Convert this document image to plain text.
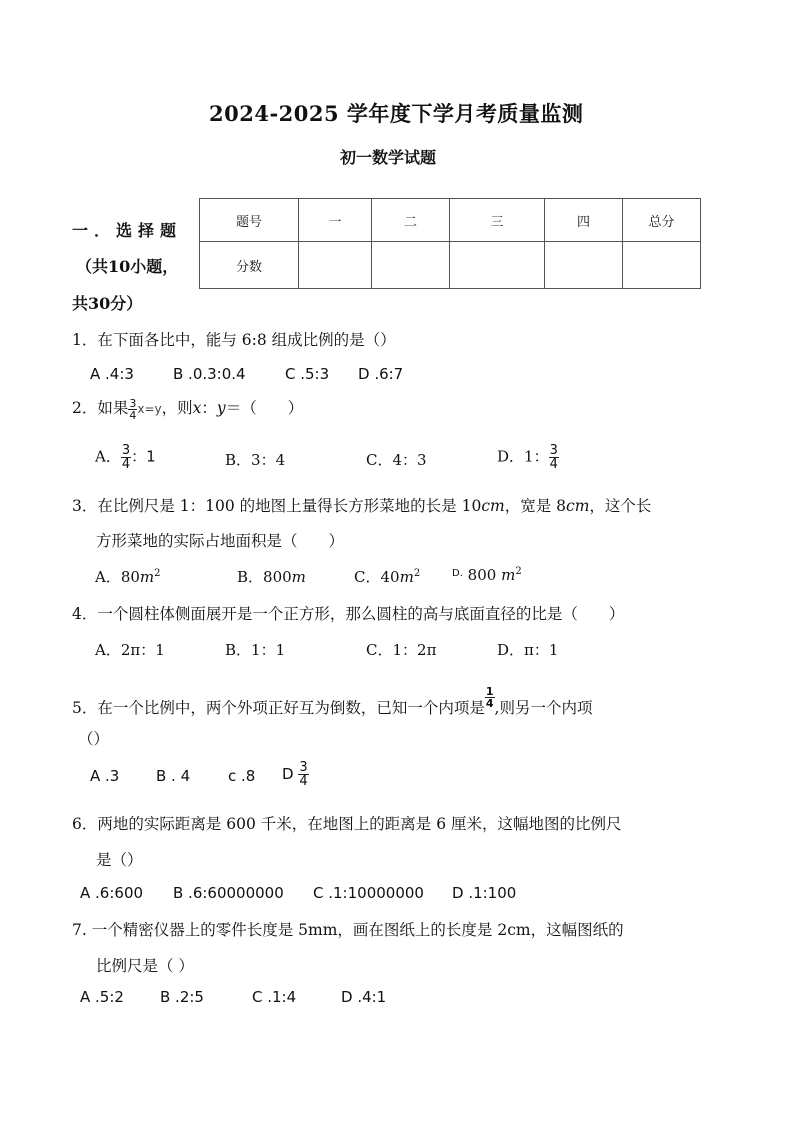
2024-2025 学年度下学月考质量监测
初一数学试题
一．选择题
（共10小题，
共30分）
题号	一	二	三	四	总分
分数					
1．在下面各比中，能与 6:8 组成比例的是（）
A .4:3	B .0.3:0.4	C .5:3 D .6:7
2．如果 $\frac{3}{4} x=y$，则x：y＝（　　）
A． $\frac{3}{4}$ ：1	B．3：4	C．4：3	D．1： $\frac{3}{4}$
3．在比例尺是 1：100 的地图上量得长方形菜地的长是 10cm，宽是 8cm，这个长
方形菜地的实际占地面积是（　　）
A．$80m^2$	B．800m	C．$40m^2$	$^{D.}$ 800 $m^2$
4．一个圆柱体侧面展开是一个正方形，那么圆柱的高与底面直径的比是（　　）
A．2π：1	B．1：1	C．1：2π	D．π：1
5．在一个比例中，两个外项正好互为倒数，已知一个内项是 $\frac{1}{4}$ ,则另一个内项
（）
A .3 B . 4	c .8 D $\frac{3}{4}$
6．两地的实际距离是 600 千米，在地图上的距离是 6 厘米，这幅地图的比例尺
是（）
A .6:600 B .6:60000000 C .1:10000000 D .1:100
7. 一个精密仪器上的零件长度是 5mm，画在图纸上的长度是 2cm，这幅图纸的
比例尺是（ ）
A .5:2 B .2:5	C .1:4	D .4:1
